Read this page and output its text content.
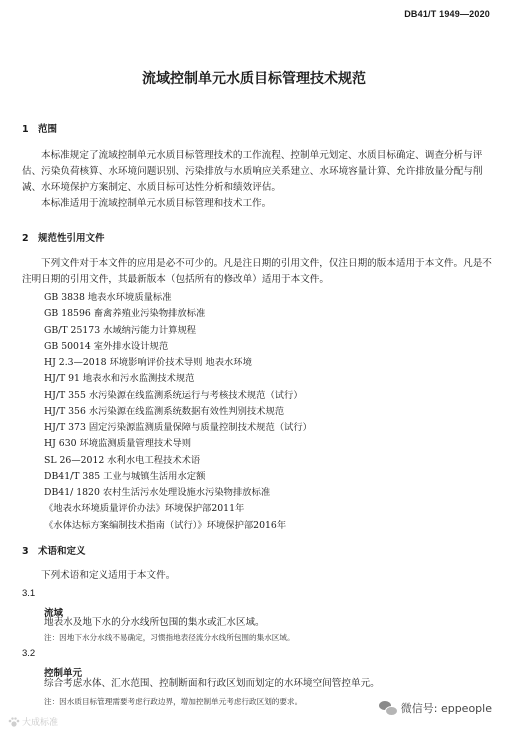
DB41/T 1949—2020
流域控制单元水质目标管理技术规范
1 范围
本标准规定了流域控制单元水质目标管理技术的工作流程、控制单元划定、水质目标确定、调查分析与评估、污染负荷核算、水环境问题识别、污染排放与水质响应关系建立、水环境容量计算、允许排放量分配与削减、水环境保护方案制定、水质目标可达性分析和绩效评估。
本标准适用于流域控制单元水质目标管理和技术工作。
2 规范性引用文件
下列文件对于本文件的应用是必不可少的。凡是注日期的引用文件，仅注日期的版本适用于本文件。凡是不注明日期的引用文件，其最新版本（包括所有的修改单）适用于本文件。
GB 3838 地表水环境质量标准
GB 18596 畜禽养殖业污染物排放标准
GB/T 25173 水域纳污能力计算规程
GB 50014 室外排水设计规范
HJ 2.3—2018 环境影响评价技术导则 地表水环境
HJ/T 91 地表水和污水监测技术规范
HJ/T 355 水污染源在线监测系统运行与考核技术规范（试行）
HJ/T 356 水污染源在线监测系统数据有效性判别技术规范
HJ/T 373 固定污染源监测质量保障与质量控制技术规范（试行）
HJ 630 环境监测质量管理技术导则
SL 26—2012 水利水电工程技术术语
DB41/T 385 工业与城镇生活用水定额
DB41/ 1820 农村生活污水处理设施水污染物排放标准
《地表水环境质量评价办法》环境保护部2011年
《水体达标方案编制技术指南（试行）》环境保护部2016年
3 术语和定义
下列术语和定义适用于本文件。
3.1
流域
地表水及地下水的分水线所包围的集水或汇水区域。
注：因地下水分水线不易确定，习惯指地表径流分水线所包围的集水区域。
3.2
控制单元
综合考虑水体、汇水范围、控制断面和行政区划而划定的水环境空间管控单元。
注：因水质目标管理需要考虑行政边界，增加控制单元考虑行政区划的要求。
大成标准
微信号: eppeople
